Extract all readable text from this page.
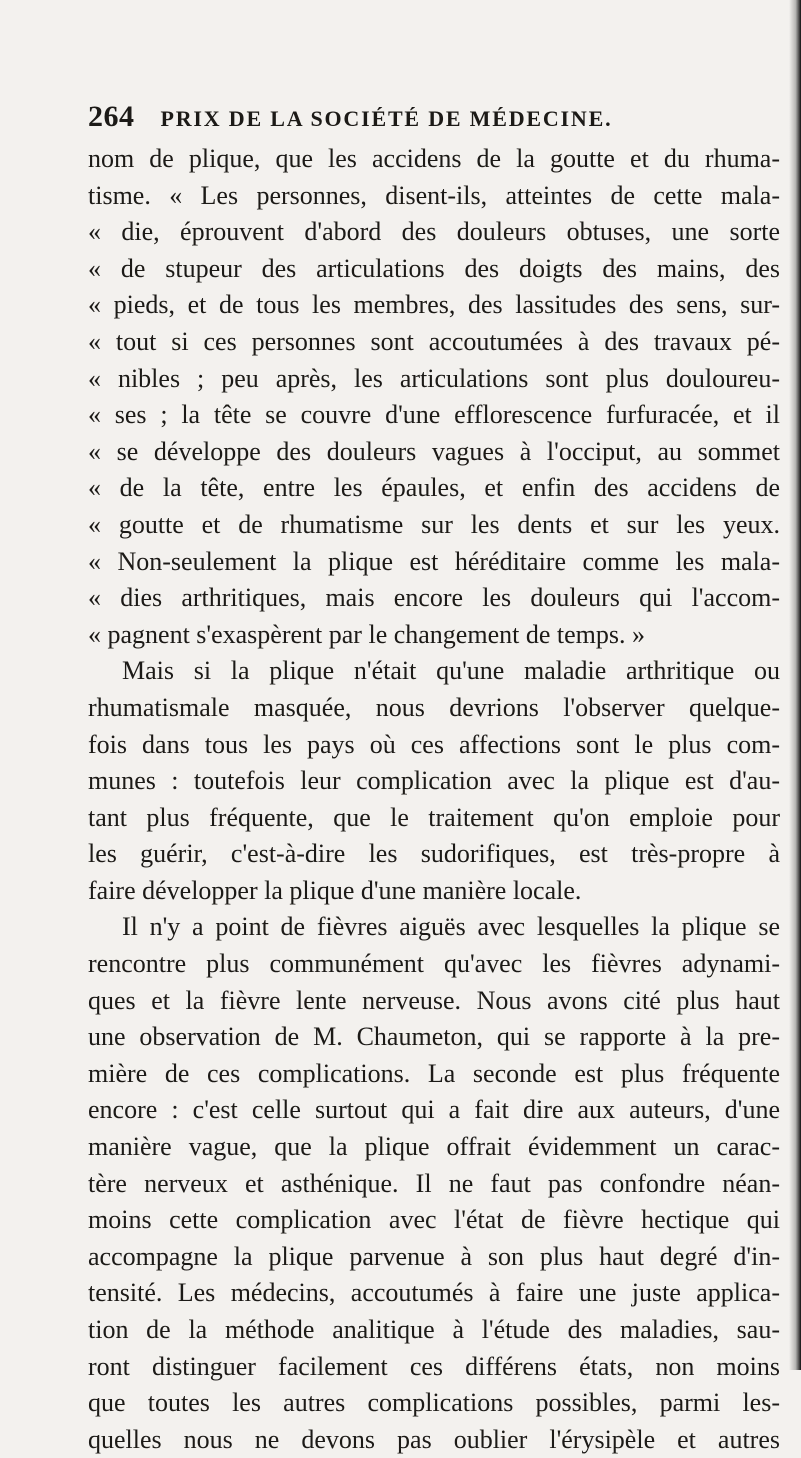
264 PRIX DE LA SOCIÉTÉ DE MÉDECINE.
nom de plique, que les accidens de la goutte et du rhuma-
tisme. « Les personnes, disent-ils, atteintes de cette mala-
« die, éprouvent d'abord des douleurs obtuses, une sorte
« de stupeur des articulations des doigts des mains, des
« pieds, et de tous les membres, des lassitudes des sens, sur-
« tout si ces personnes sont accoutumées à des travaux pé-
« nibles ; peu après, les articulations sont plus douloureu-
« ses ; la tête se couvre d'une efflorescence furfuracée, et il
« se développe des douleurs vagues à l'occiput, au sommet
« de la tête, entre les épaules, et enfin des accidens de
« goutte et de rhumatisme sur les dents et sur les yeux.
« Non-seulement la plique est héréditaire comme les mala-
« dies arthritiques, mais encore les douleurs qui l'accom-
« pagnent s'exaspèrent par le changement de temps. »
Mais si la plique n'était qu'une maladie arthritique ou
rhumatismale masquée, nous devrions l'observer quelque-
fois dans tous les pays où ces affections sont le plus com-
munes : toutefois leur complication avec la plique est d'au-
tant plus fréquente, que le traitement qu'on emploie pour
les guérir, c'est-à-dire les sudorifiques, est très-propre à
faire développer la plique d'une manière locale.
Il n'y a point de fièvres aiguës avec lesquelles la plique se
rencontre plus communément qu'avec les fièvres adynami-
ques et la fièvre lente nerveuse. Nous avons cité plus haut
une observation de M. Chaumeton, qui se rapporte à la pre-
mière de ces complications. La seconde est plus fréquente
encore : c'est celle surtout qui a fait dire aux auteurs, d'une
manière vague, que la plique offrait évidemment un carac-
tère nerveux et asthénique. Il ne faut pas confondre néan-
moins cette complication avec l'état de fièvre hectique qui
accompagne la plique parvenue à son plus haut degré d'in-
tensité. Les médecins, accoutumés à faire une juste applica-
tion de la méthode analitique à l'étude des maladies, sau-
ront distinguer facilement ces différens états, non moins
que toutes les autres complications possibles, parmi les-
quelles nous ne devons pas oublier l'érysipèle et autres
